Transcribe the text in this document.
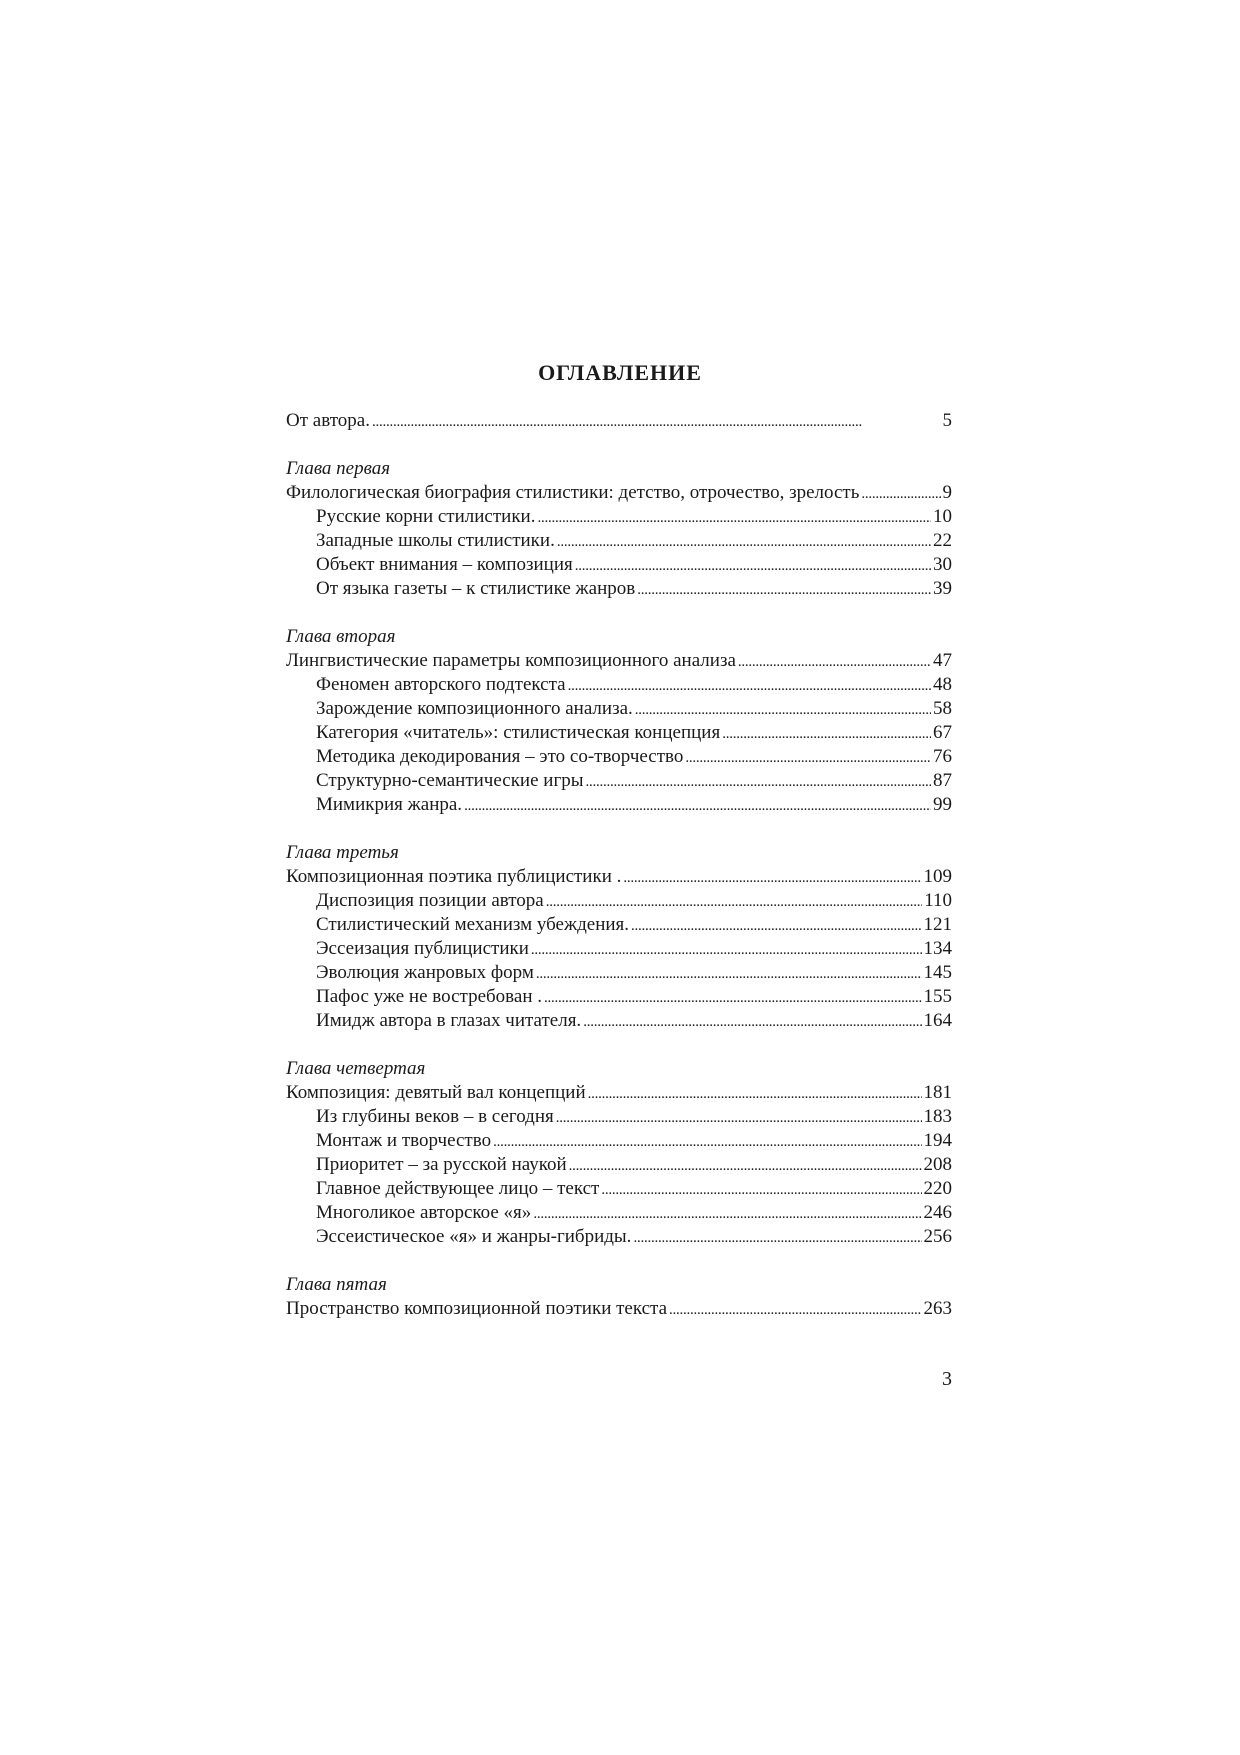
ОГЛАВЛЕНИЕ
От автора. . . .	5
Глава первая
Филологическая биография стилистики: детство, отрочество, зрелость . . .	9
Русские корни стилистики. . . .	10
Западные школы стилистики. . . .	22
Объект внимания – композиция . . .	30
От языка газеты – к стилистике жанров . . .	39
Глава вторая
Лингвистические параметры композиционного анализа . . .	47
Феномен авторского подтекста . . .	48
Зарождение композиционного анализа. . . .	58
Категория «читатель»: стилистическая концепция . . .	67
Методика декодирования – это со-творчество . . .	76
Структурно-семантические игры . . .	87
Мимикрия жанра. . . .	99
Глава третья
Композиционная поэтика публицистики . . . .	109
Диспозиция позиции автора . . .	110
Стилистический механизм убеждения. . . .	121
Эссеизация публицистики . . .	134
Эволюция жанровых форм . . .	145
Пафос уже не востребован . . . .	155
Имидж автора в глазах читателя. . . .	164
Глава четвертая
Композиция: девятый вал концепций . . .	181
Из глубины веков – в сегодня . . .	183
Монтаж и творчество . . .	194
Приоритет – за русской наукой . . .	208
Главное действующее лицо – текст . . .	220
Многоликое авторское «я» . . .	246
Эссеистическое «я» и жанры-гибриды. . . .	256
Глава пятая
Пространство композиционной поэтики текста . . .	263
3
